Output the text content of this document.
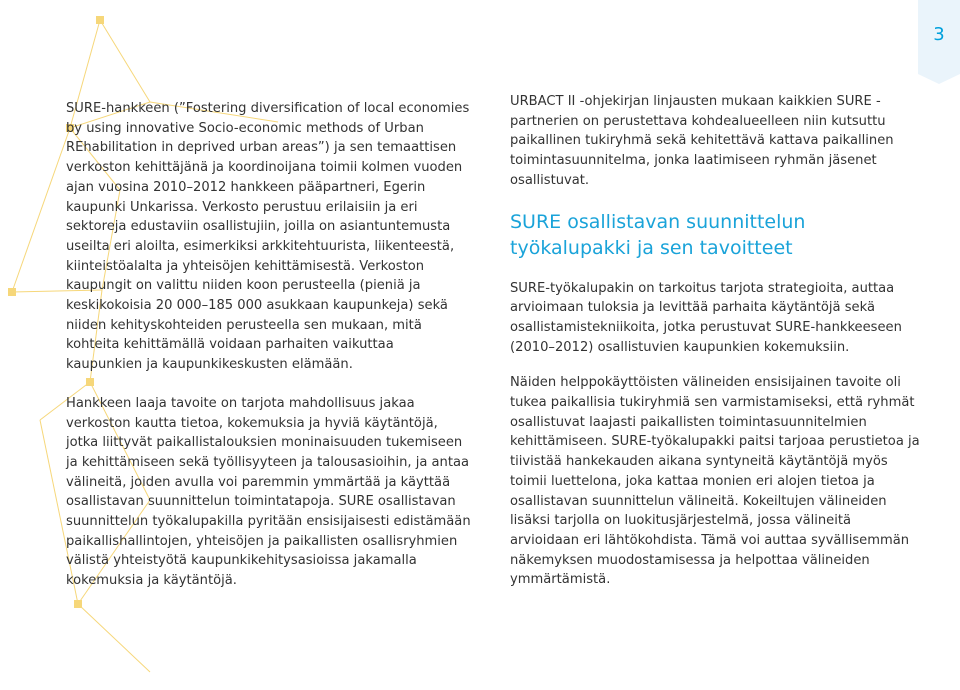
3

SURE-hankkeen (”Fostering diversification of local economies by using innovative Socio-economic methods of Urban REhabilitation in deprived urban areas”) ja sen temaattisen verkoston kehittäjänä ja koordinoijana toimii kolmen vuoden ajan vuosina 2010–2012 hankkeen pääpartneri, Egerin kaupunki Unkarissa. Verkosto perustuu erilaisiin ja eri sektoreja edustaviin osallistujiin, joilla on asiantuntemusta useilta eri aloilta, esimerkiksi arkkitehtuurista, liikenteestä, kiinteistöalalta ja yhteisöjen kehittämisestä. Verkoston kaupungit on valittu niiden koon perusteella (pieniä ja keskikokoisia 20 000–185 000 asukkaan kaupunkeja) sekä niiden kehityskohteiden perusteella sen mukaan, mitä kohteita kehittämällä voidaan parhaiten vaikuttaa kaupunkien ja kaupunkikeskusten elämään.

Hankkeen laaja tavoite on tarjota mahdollisuus jakaa verkoston kautta tietoa, kokemuksia ja hyviä käytäntöjä, jotka liittyvät paikallistalouksien moninaisuuden tukemiseen ja kehittämiseen sekä työllisyyteen ja talousasioihin, ja antaa välineitä, joiden avulla voi paremmin ymmärtää ja käyttää osallistavan suunnittelun toimintatapoja. SURE osallistavan suunnittelun työkalupakilla pyritään ensisijaisesti edistämään paikallishallintojen, yhteisöjen ja paikallisten osallisryhmien välistä yhteistyötä kaupunkikehitysasioissa jakamalla kokemuksia ja käytäntöjä.

URBACT II -ohjekirjan linjausten mukaan kaikkien SURE -partnerien on perustettava kohdealueelleen niin kutsuttu paikallinen tukiryhmä sekä kehitettävä kattava paikallinen toimintasuunnitelma, jonka laatimiseen ryhmän jäsenet osallistuvat.

SURE osallistavan suunnittelun työkalupakki ja sen tavoitteet

SURE-työkalupakin on tarkoitus tarjota strategioita, auttaa arvioimaan tuloksia ja levittää parhaita käytäntöjä sekä osallistamistekniikoita, jotka perustuvat SURE-hankkeeseen (2010–2012) osallistuvien kaupunkien kokemuksiin.

Näiden helppokäyttöisten välineiden ensisijainen tavoite oli tukea paikallisia tukiryhmiä sen varmistamiseksi, että ryhmät osallistuvat laajasti paikallisten toimintasuunnitelmien kehittämiseen. SURE-työkalupakki paitsi tarjoaa perustietoa ja tiivistää hankekauden aikana syntyneitä käytäntöjä myös toimii luettelona, joka kattaa monien eri alojen tietoa ja osallistavan suunnittelun välineitä. Kokeiltujen välineiden lisäksi tarjolla on luokitusjärjestelmä, jossa välineitä arvioidaan eri lähtökohdista. Tämä voi auttaa syvällisemmän näkemyksen muodostamisessa ja helpottaa välineiden ymmärtämistä.
